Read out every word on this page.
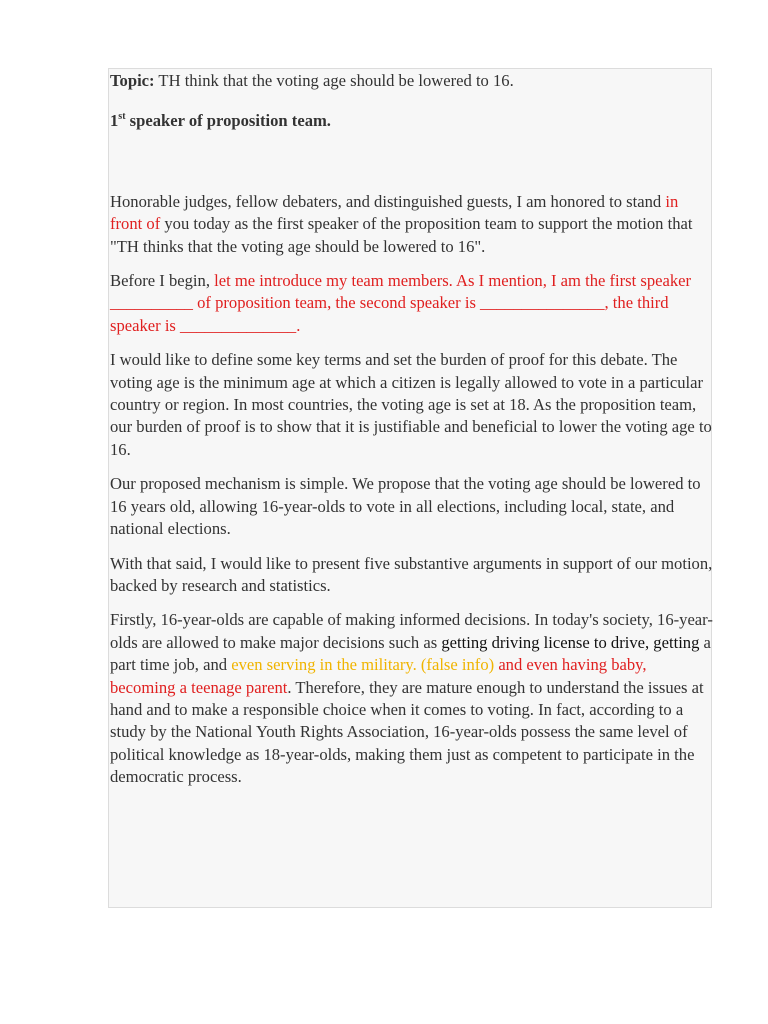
Topic: TH think that the voting age should be lowered to 16.

1st speaker of proposition team.

Honorable judges, fellow debaters, and distinguished guests, I am honored to stand in front of you today as the first speaker of the proposition team to support the motion that "TH thinks that the voting age should be lowered to 16".

Before I begin, let me introduce my team members. As I mention, I am the first speaker __________ of proposition team, the second speaker is _______________, the third speaker is ______________.

I would like to define some key terms and set the burden of proof for this debate. The voting age is the minimum age at which a citizen is legally allowed to vote in a particular country or region. In most countries, the voting age is set at 18. As the proposition team, our burden of proof is to show that it is justifiable and beneficial to lower the voting age to 16.

Our proposed mechanism is simple. We propose that the voting age should be lowered to 16 years old, allowing 16-year-olds to vote in all elections, including local, state, and national elections.

With that said, I would like to present five substantive arguments in support of our motion, backed by research and statistics.

Firstly, 16-year-olds are capable of making informed decisions. In today's society, 16-year-olds are allowed to make major decisions such as getting driving license to drive, getting a part time job, and even serving in the military. (false info) and even having baby, becoming a teenage parent. Therefore, they are mature enough to understand the issues at hand and to make a responsible choice when it comes to voting. In fact, according to a study by the National Youth Rights Association, 16-year-olds possess the same level of political knowledge as 18-year-olds, making them just as competent to participate in the democratic process.
